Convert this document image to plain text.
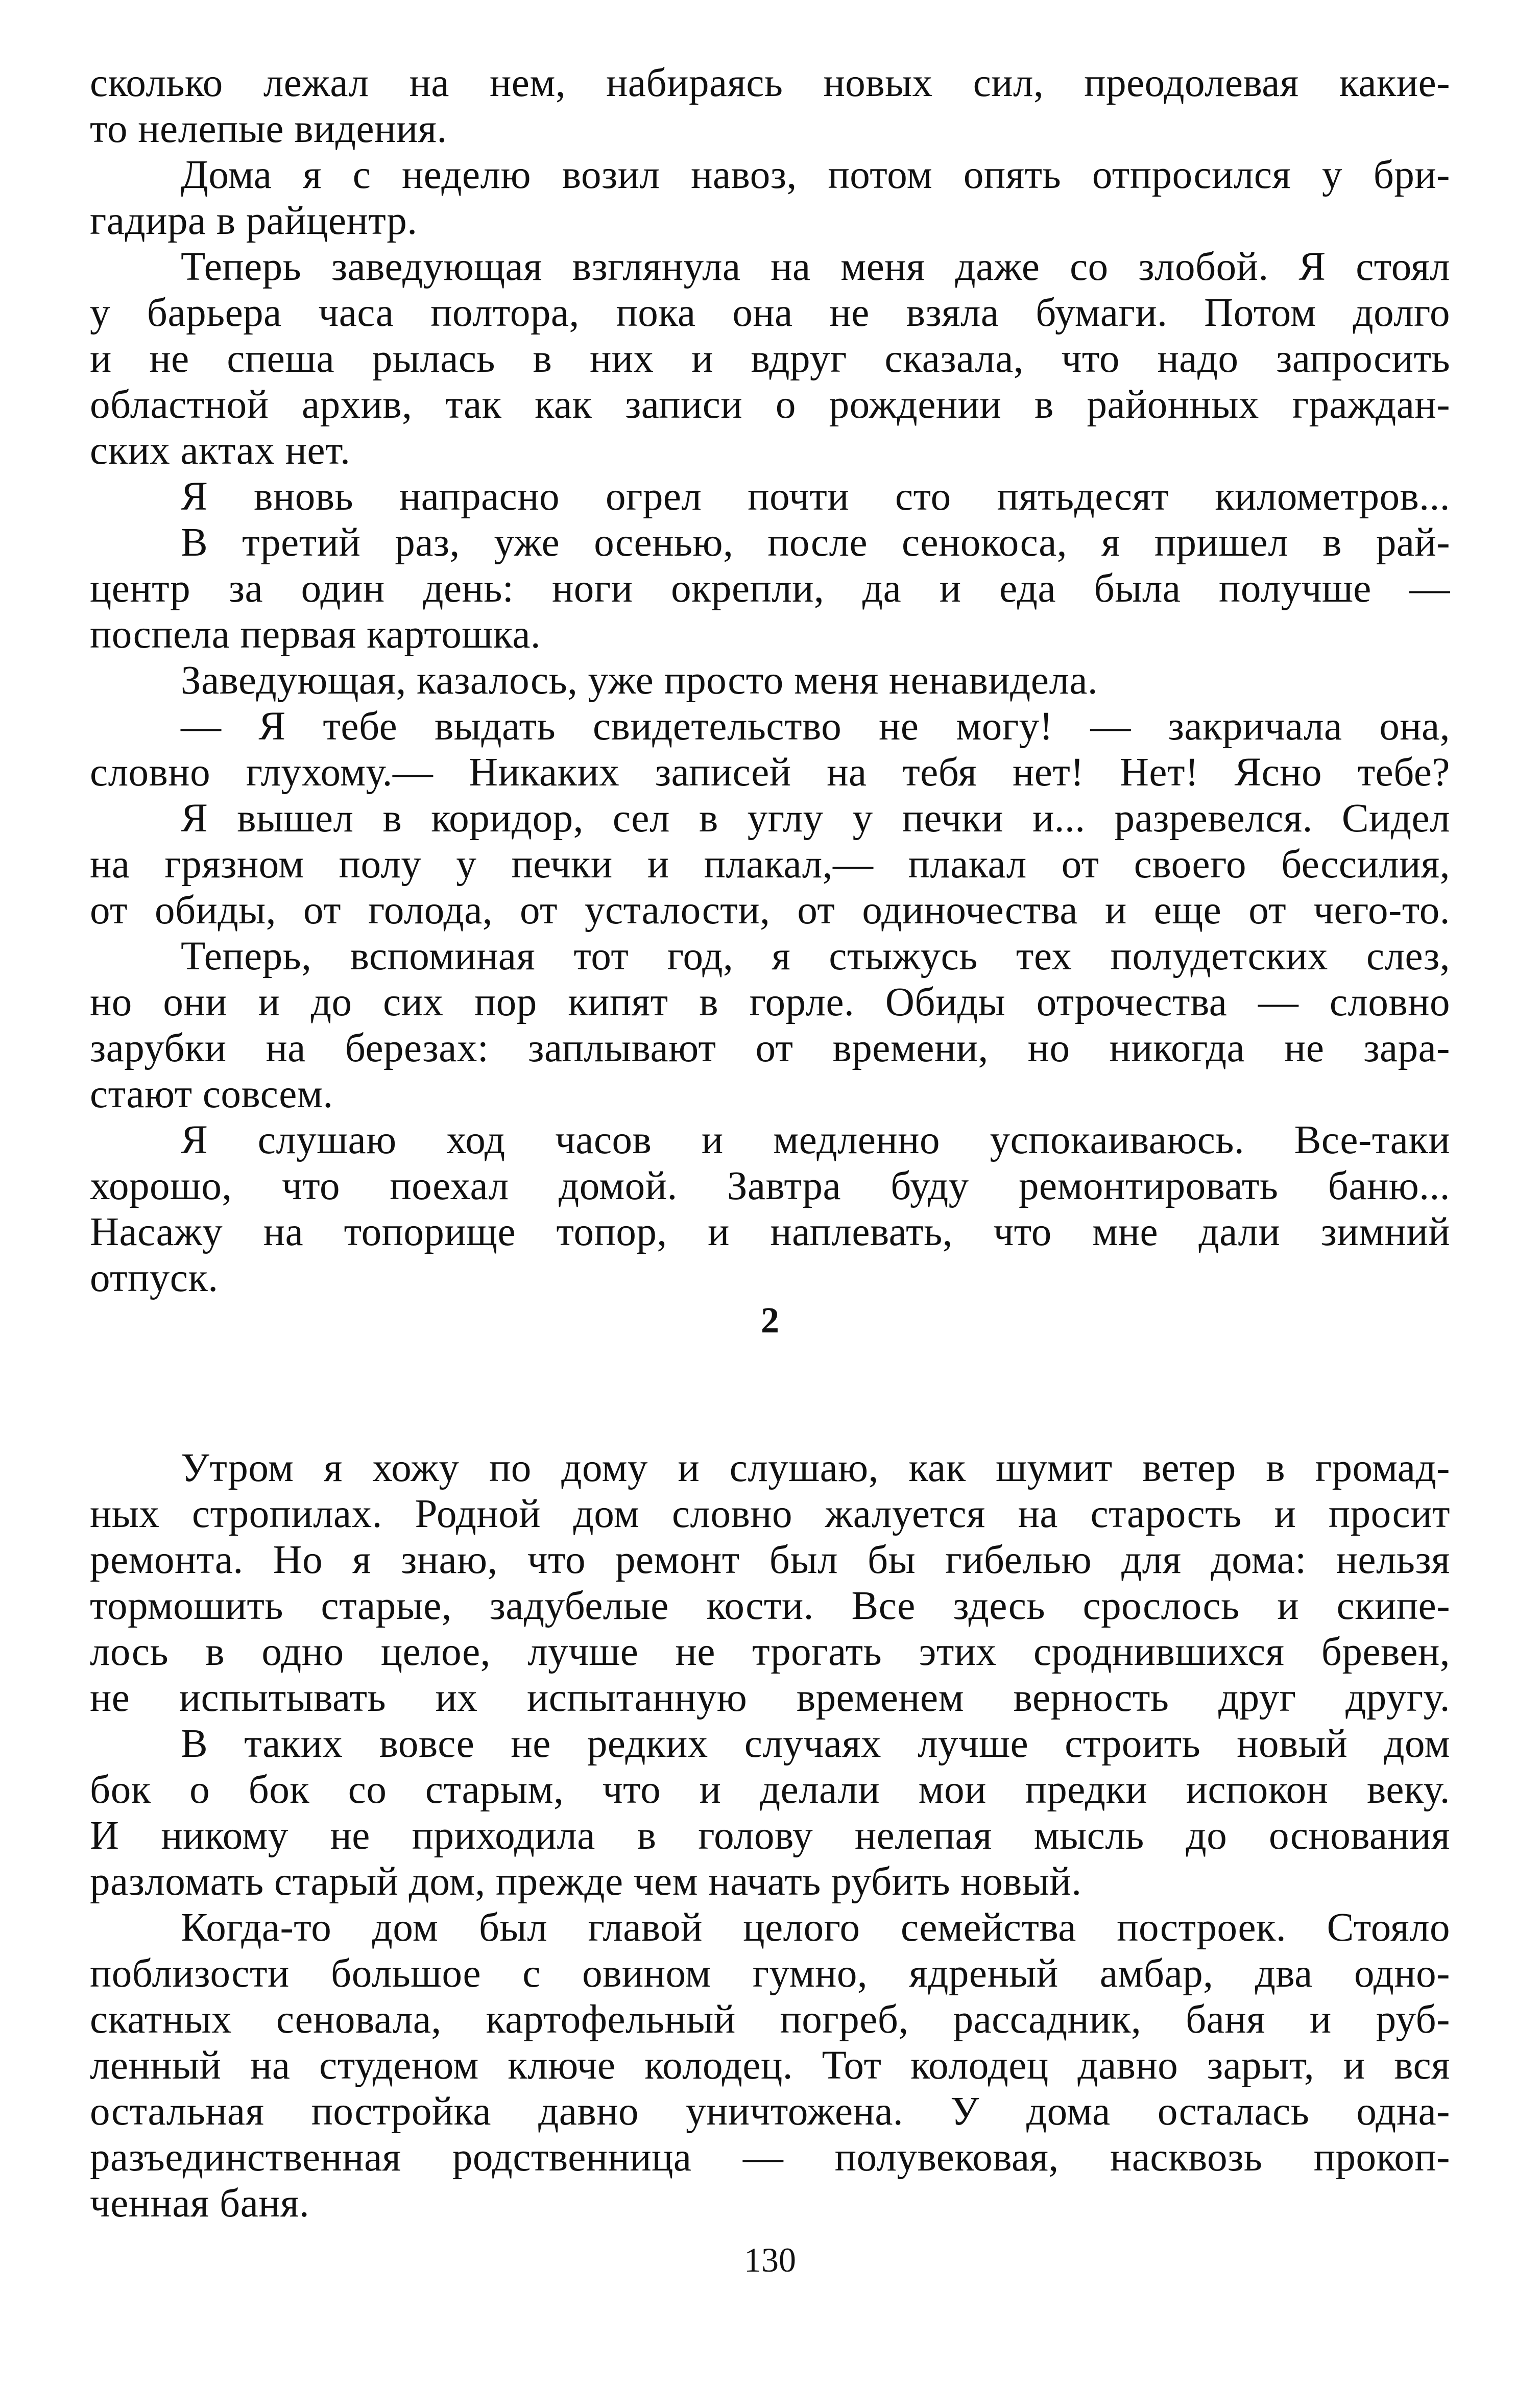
сколько лежал на нем, набираясь новых сил, преодолевая какие-
то нелепые видения.
Дома я с неделю возил навоз, потом опять отпросился у бри-
гадира в райцентр.
Теперь заведующая взглянула на меня даже со злобой. Я стоял
у барьера часа полтора, пока она не взяла бумаги. Потом долго
и не спеша рылась в них и вдруг сказала, что надо запросить
областной архив, так как записи о рождении в районных граждан-
ских актах нет.
Я вновь напрасно огрел почти сто пятьдесят километров...
В третий раз, уже осенью, после сенокоса, я пришел в рай-
центр за один день: ноги окрепли, да и еда была получше —
поспела первая картошка.
Заведующая, казалось, уже просто меня ненавидела.
— Я тебе выдать свидетельство не могу! — закричала она,
словно глухому.— Никаких записей на тебя нет! Нет! Ясно тебе?
Я вышел в коридор, сел в углу у печки и... разревелся. Сидел
на грязном полу у печки и плакал,— плакал от своего бессилия,
от обиды, от голода, от усталости, от одиночества и еще от чего-то.
Теперь, вспоминая тот год, я стыжусь тех полудетских слез,
но они и до сих пор кипят в горле. Обиды отрочества — словно
зарубки на березах: заплывают от времени, но никогда не зара-
стают совсем.
Я слушаю ход часов и медленно успокаиваюсь. Все-таки
хорошо, что поехал домой. Завтра буду ремонтировать баню...
Насажу на топорище топор, и наплевать, что мне дали зимний
отпуск.
2
Утром я хожу по дому и слушаю, как шумит ветер в громад-
ных стропилах. Родной дом словно жалуется на старость и просит
ремонта. Но я знаю, что ремонт был бы гибелью для дома: нельзя
тормошить старые, задубелые кости. Все здесь срослось и скипе-
лось в одно целое, лучше не трогать этих сроднившихся бревен,
не испытывать их испытанную временем верность друг другу.
В таких вовсе не редких случаях лучше строить новый дом
бок о бок со старым, что и делали мои предки испокон веку.
И никому не приходила в голову нелепая мысль до основания
разломать старый дом, прежде чем начать рубить новый.
Когда-то дом был главой целого семейства построек. Стояло
поблизости большое с овином гумно, ядреный амбар, два одно-
скатных сеновала, картофельный погреб, рассадник, баня и руб-
ленный на студеном ключе колодец. Тот колодец давно зарыт, и вся
остальная постройка давно уничтожена. У дома осталась одна-
разъединственная родственница — полувековая, насквозь прокоп-
ченная баня.
130
